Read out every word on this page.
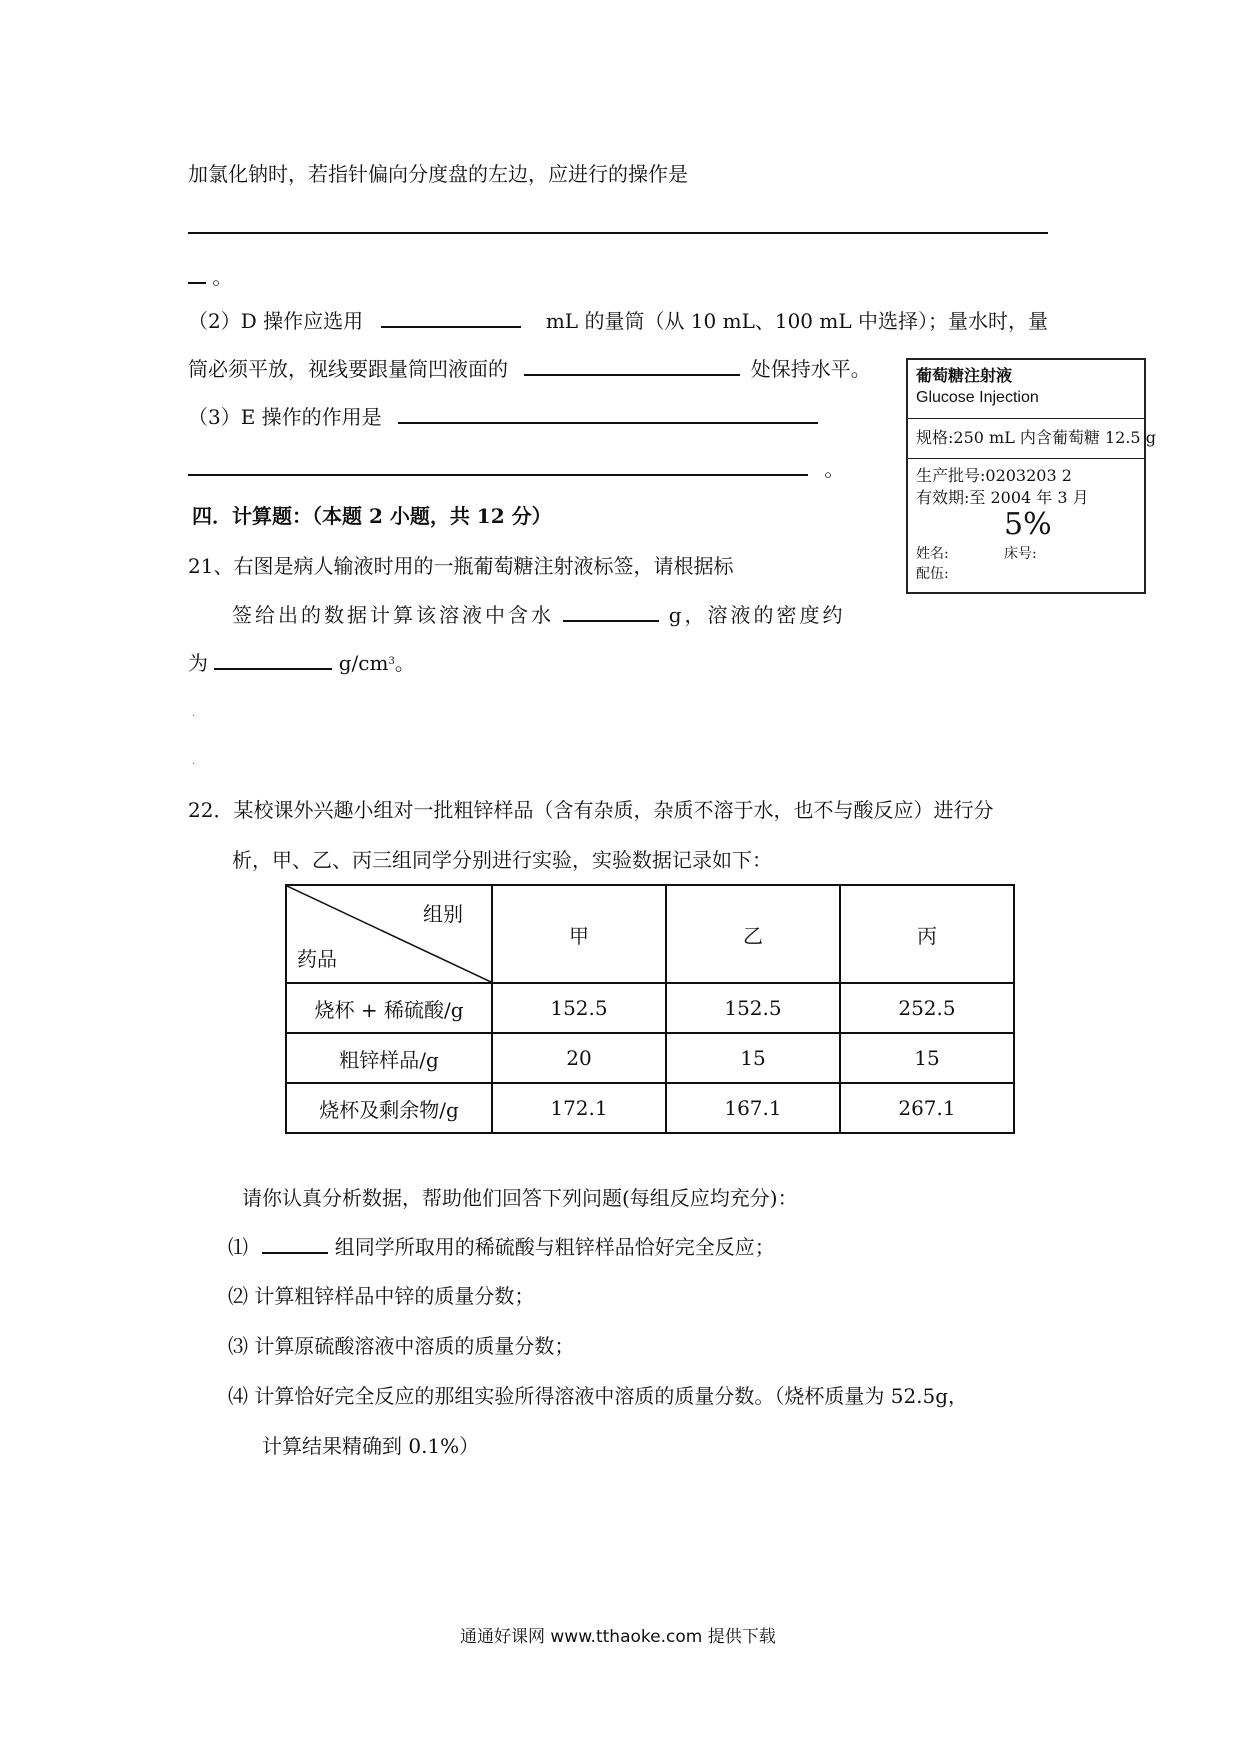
加氯化钠时，若指针偏向分度盘的左边，应进行的操作是
。
（2）D 操作应选用	mL 的量筒（从 10 mL、100 mL 中选择）；量水时，量
筒必须平放，视线要跟量筒凹液面的	处保持水平。
（3）E 操作的作用是
。
四．计算题：（本题 2 小题，共 12 分）
21、右图是病人输液时用的一瓶葡萄糖注射液标签，请根据标
签给出的数据计算该溶液中含水	g，溶液的密度约
为	$g/cm^3$。
.
.
葡萄糖注射液
Glucose Injection
规格:250 mL 内含葡萄糖 12.5 g
生产批号:0203203 2
有效期:至 2004 年 3 月
5%
姓名:	床号:
配伍:
22．某校课外兴趣小组对一批粗锌样品（含有杂质，杂质不溶于水，也不与酸反应）进行分
析，甲、乙、丙三组同学分别进行实验，实验数据记录如下：
组别
药品	甲	乙	丙
烧杯 + 稀硫酸/g	152.5	152.5	252.5
粗锌样品/g	20	15	15
烧杯及剩余物/g	172.1	167.1	267.1
请你认真分析数据，帮助他们回答下列问题(每组反应均充分)：
⑴	组同学所取用的稀硫酸与粗锌样品恰好完全反应；
⑵ 计算粗锌样品中锌的质量分数；
⑶ 计算原硫酸溶液中溶质的质量分数；
⑷ 计算恰好完全反应的那组实验所得溶液中溶质的质量分数。（烧杯质量为 52.5g，
计算结果精确到 0.1%）
通通好课网 www.tthaoke.com 提供下载
